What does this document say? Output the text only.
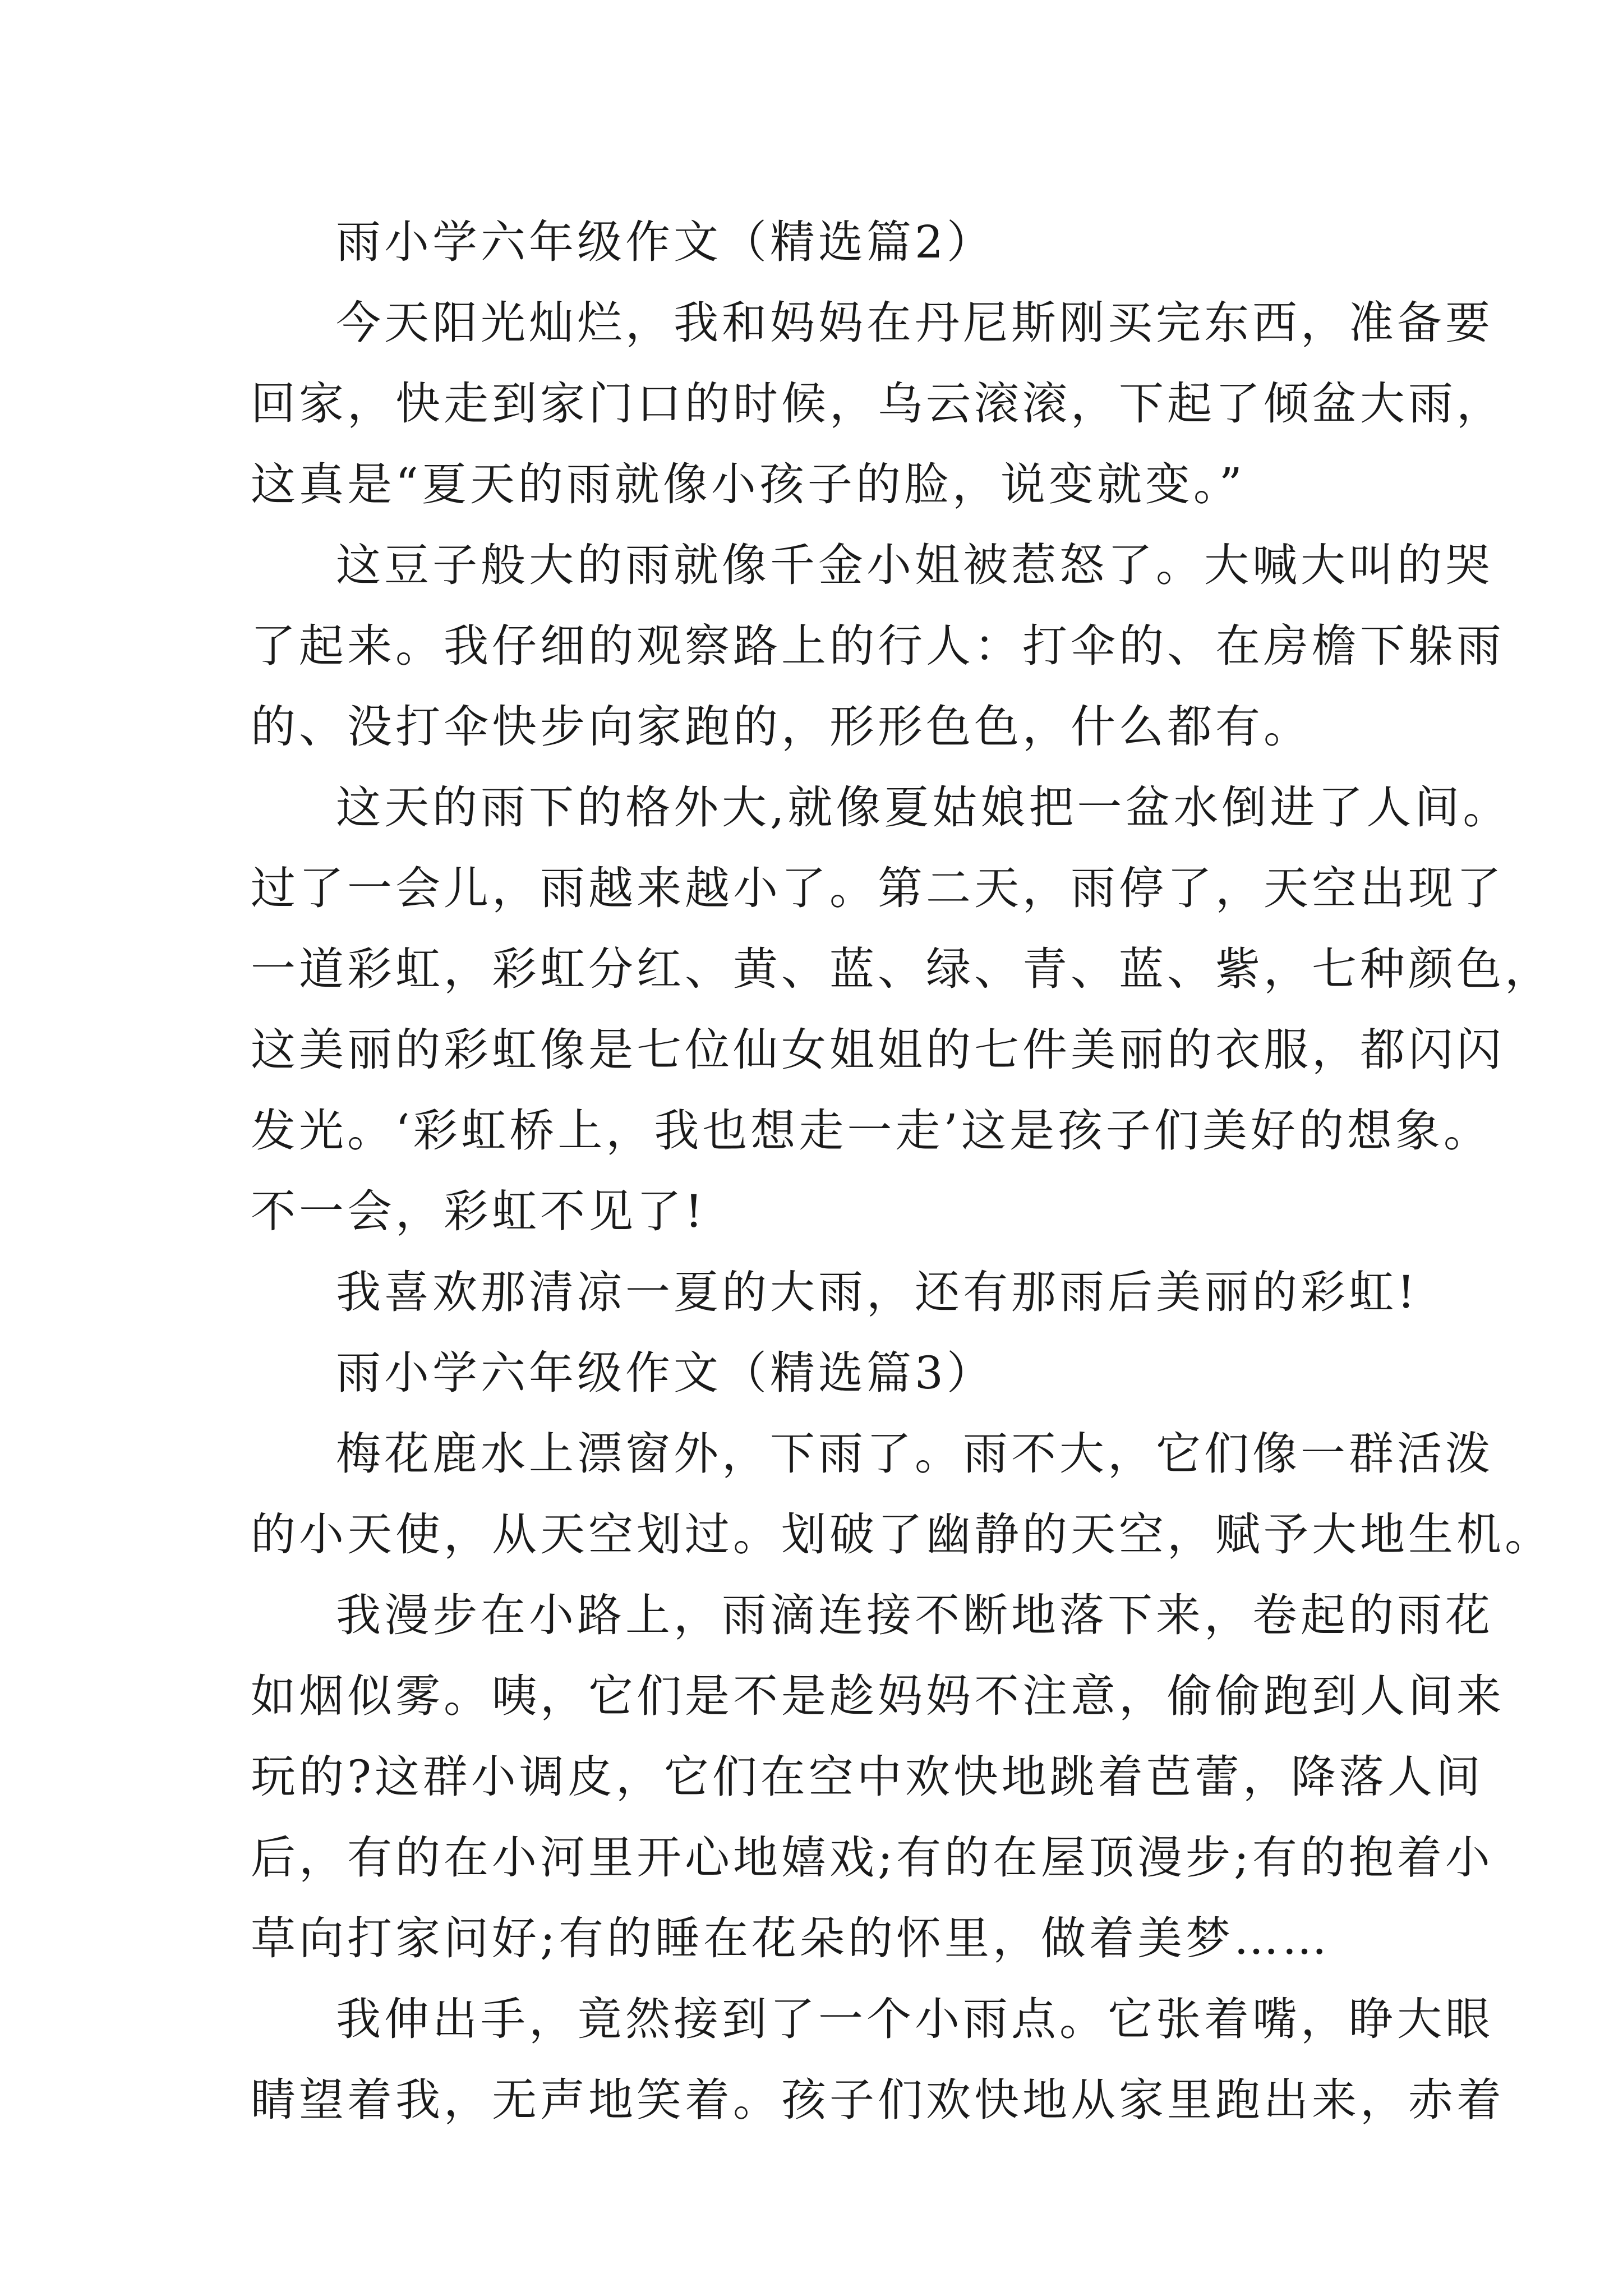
雨小学六年级作文（精选篇2）

今天阳光灿烂，我和妈妈在丹尼斯刚买完东西，准备要
回家，快走到家门口的时候，乌云滚滚，下起了倾盆大雨，
这真是“夏天的雨就像小孩子的脸，说变就变。”

这豆子般大的雨就像千金小姐被惹怒了。大喊大叫的哭
了起来。我仔细的观察路上的行人：打伞的、在房檐下躲雨
的、没打伞快步向家跑的，形形色色，什么都有。

这天的雨下的格外大,就像夏姑娘把一盆水倒进了人间。
过了一会儿，雨越来越小了。第二天，雨停了，天空出现了
一道彩虹，彩虹分红、黄、蓝、绿、青、蓝、紫，七种颜色，
这美丽的彩虹像是七位仙女姐姐的七件美丽的衣服，都闪闪
发光。‘彩虹桥上，我也想走一走’这是孩子们美好的想象。
不一会，彩虹不见了!

我喜欢那清凉一夏的大雨，还有那雨后美丽的彩虹!

雨小学六年级作文（精选篇3）

梅花鹿水上漂窗外，下雨了。雨不大，它们像一群活泼
的小天使，从天空划过。划破了幽静的天空，赋予大地生机。

我漫步在小路上，雨滴连接不断地落下来，卷起的雨花
如烟似雾。咦，它们是不是趁妈妈不注意，偷偷跑到人间来
玩的?这群小调皮，它们在空中欢快地跳着芭蕾，降落人间
后，有的在小河里开心地嬉戏;有的在屋顶漫步;有的抱着小
草向打家问好;有的睡在花朵的怀里，做着美梦……

我伸出手，竟然接到了一个小雨点。它张着嘴，睁大眼
睛望着我，无声地笑着。孩子们欢快地从家里跑出来，赤着
